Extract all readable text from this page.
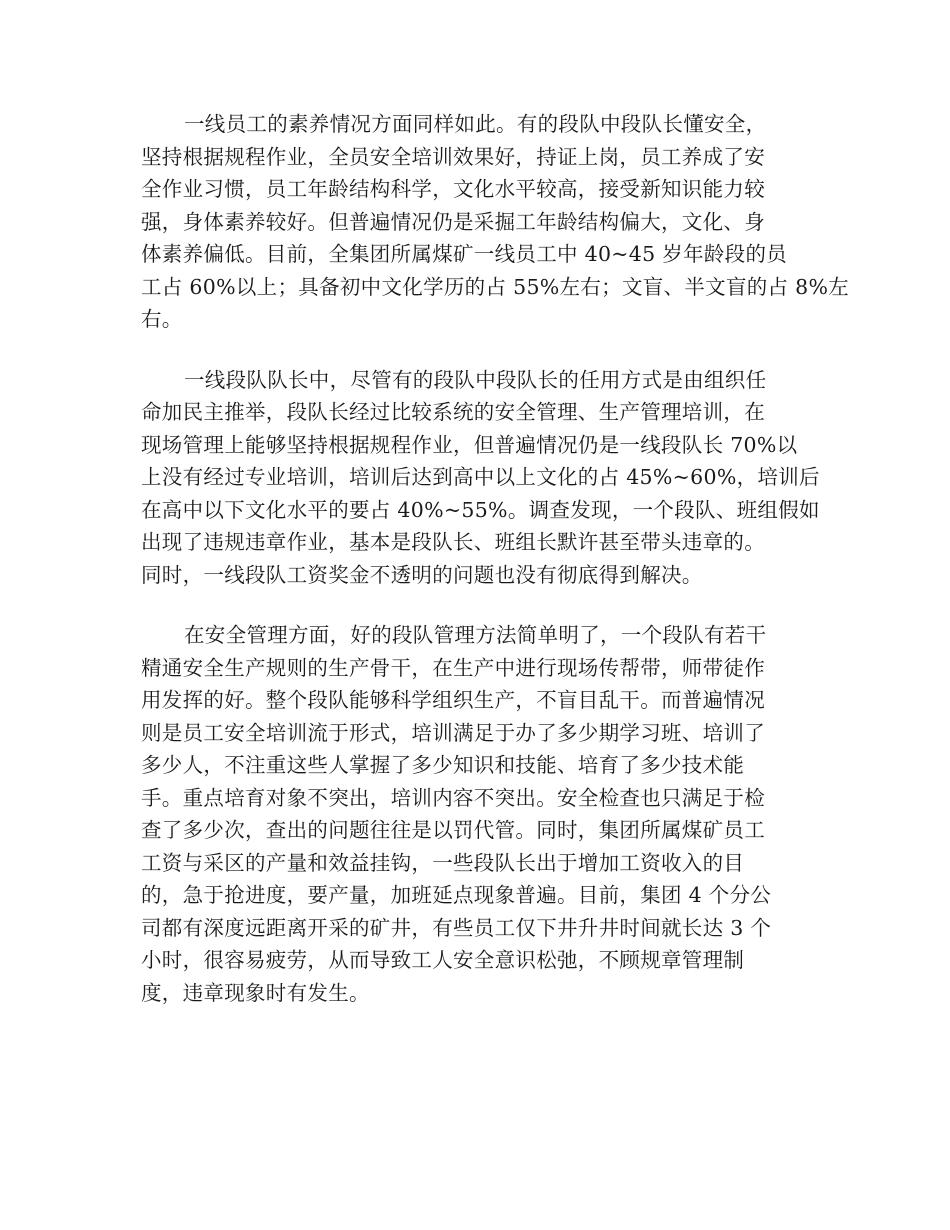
一线员工的素养情况方面同样如此。有的段队中段队长懂安全，
坚持根据规程作业，全员安全培训效果好，持证上岗，员工养成了安
全作业习惯，员工年龄结构科学，文化水平较高，接受新知识能力较
强，身体素养较好。但普遍情况仍是采掘工年龄结构偏大，文化、身
体素养偏低。目前，全集团所属煤矿一线员工中 40~45 岁年龄段的员
工占 60%以上；具备初中文化学历的占 55%左右；文盲、半文盲的占 8%左
右。
一线段队队长中，尽管有的段队中段队长的任用方式是由组织任
命加民主推举，段队长经过比较系统的安全管理、生产管理培训，在
现场管理上能够坚持根据规程作业，但普遍情况仍是一线段队长 70%以
上没有经过专业培训，培训后达到高中以上文化的占 45%~60%，培训后
在高中以下文化水平的要占 40%~55%。调查发现，一个段队、班组假如
出现了违规违章作业，基本是段队长、班组长默许甚至带头违章的。
同时，一线段队工资奖金不透明的问题也没有彻底得到解决。
在安全管理方面，好的段队管理方法简单明了，一个段队有若干
精通安全生产规则的生产骨干，在生产中进行现场传帮带，师带徒作
用发挥的好。整个段队能够科学组织生产，不盲目乱干。而普遍情况
则是员工安全培训流于形式，培训满足于办了多少期学习班、培训了
多少人，不注重这些人掌握了多少知识和技能、培育了多少技术能
手。重点培育对象不突出，培训内容不突出。安全检查也只满足于检
查了多少次，查出的问题往往是以罚代管。同时，集团所属煤矿员工
工资与采区的产量和效益挂钩，一些段队长出于增加工资收入的目
的，急于抢进度，要产量，加班延点现象普遍。目前，集团 4 个分公
司都有深度远距离开采的矿井，有些员工仅下井升井时间就长达 3 个
小时，很容易疲劳，从而导致工人安全意识松弛，不顾规章管理制
度，违章现象时有发生。
